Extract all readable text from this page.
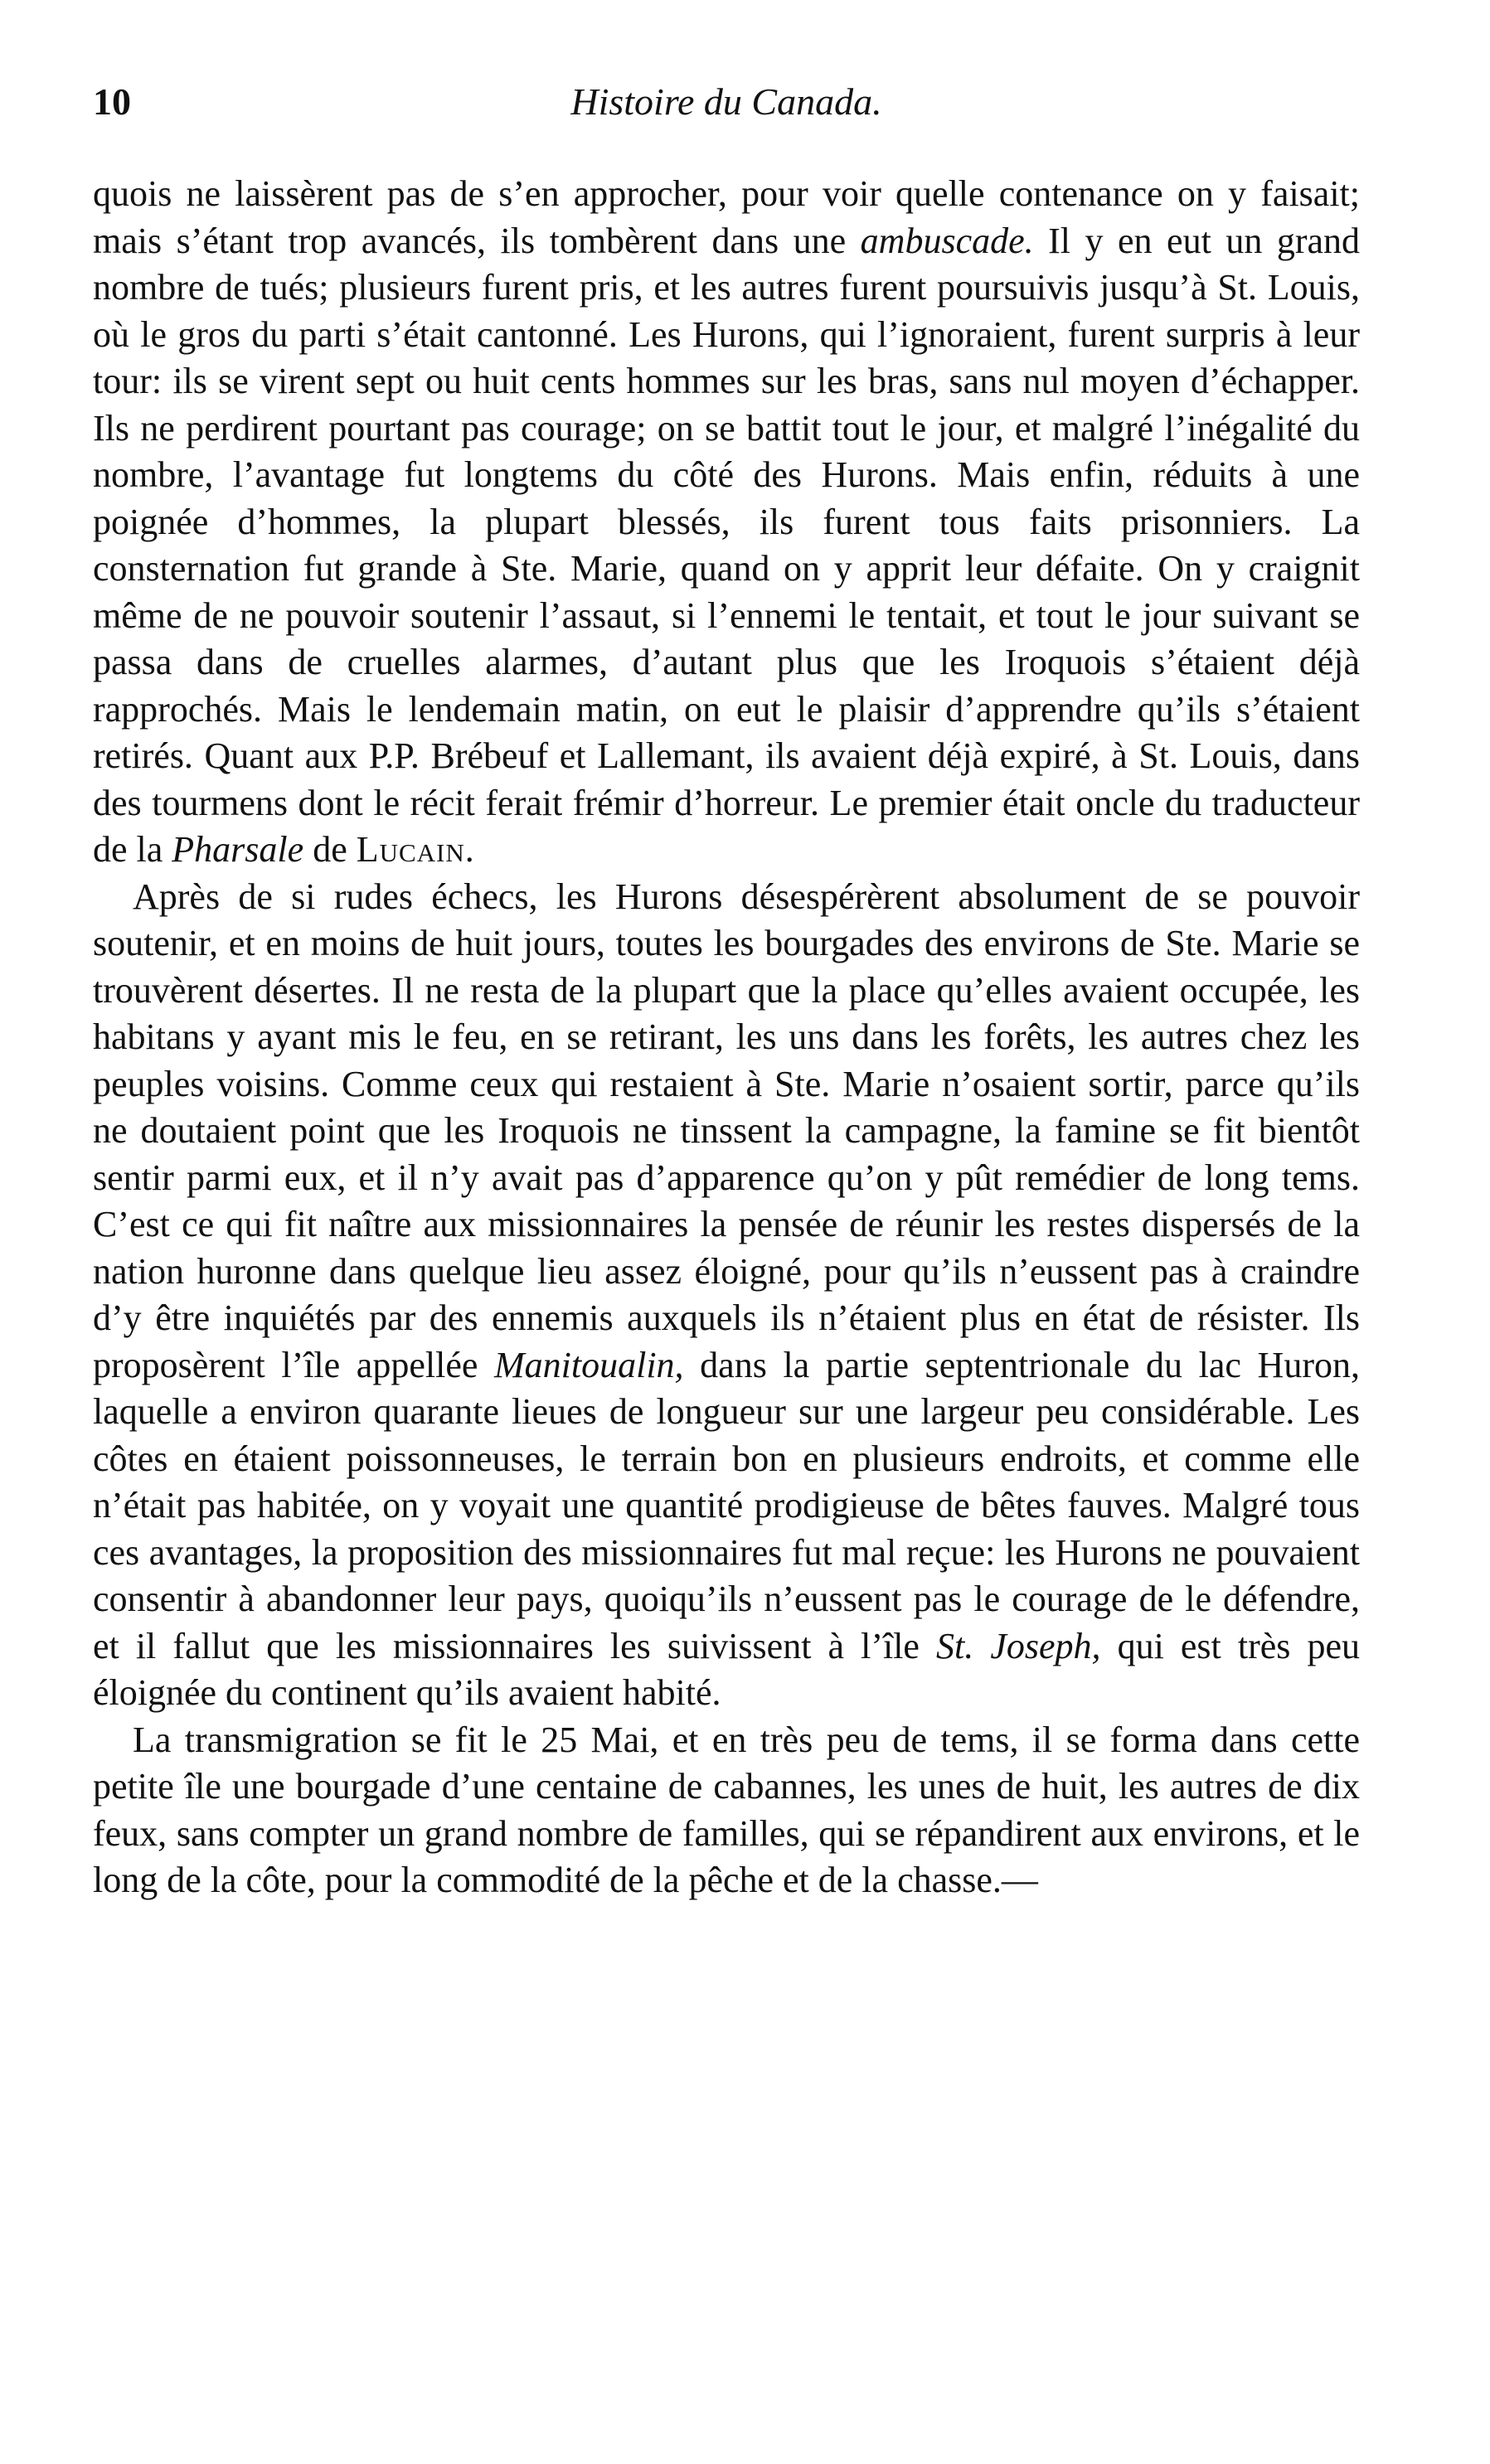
10	Histoire du Canada.

quois ne laissèrent pas de s’en approcher, pour voir quelle contenance on y faisait; mais s’étant trop avancés, ils tombèrent dans une ambuscade. Il y en eut un grand nombre de tués; plusieurs furent pris, et les autres furent poursuivis jusqu’à St. Louis, où le gros du parti s’était cantonné. Les Hurons, qui l’ignoraient, furent surpris à leur tour: ils se virent sept ou huit cents hommes sur les bras, sans nul moyen d’échapper. Ils ne perdirent pourtant pas courage; on se battit tout le jour, et malgré l’inégalité du nombre, l’avantage fut longtems du côté des Hurons. Mais enfin, réduits à une poignée d’hommes, la plupart blessés, ils furent tous faits prisonniers. La consternation fut grande à Ste. Marie, quand on y apprit leur défaite. On y craignit même de ne pouvoir soutenir l’assaut, si l’ennemi le tentait, et tout le jour suivant se passa dans de cruelles alarmes, d’autant plus que les Iroquois s’étaient déjà rapprochés. Mais le lendemain matin, on eut le plaisir d’apprendre qu’ils s’étaient retirés. Quant aux P.P. Brébeuf et Lallemant, ils avaient déjà expiré, à St. Louis, dans des tourmens dont le récit ferait frémir d’horreur. Le premier était oncle du traducteur de la Pharsale de Lucain.

Après de si rudes échecs, les Hurons désespérèrent absolument de se pouvoir soutenir, et en moins de huit jours, toutes les bourgades des environs de Ste. Marie se trouvèrent désertes. Il ne resta de la plupart que la place qu’elles avaient occupée, les habitans y ayant mis le feu, en se retirant, les uns dans les forêts, les autres chez les peuples voisins. Comme ceux qui restaient à Ste. Marie n’osaient sortir, parce qu’ils ne doutaient point que les Iroquois ne tinssent la campagne, la famine se fit bientôt sentir parmi eux, et il n’y avait pas d’apparence qu’on y pût remédier de long tems. C’est ce qui fit naître aux missionnaires la pensée de réunir les restes dispersés de la nation huronne dans quelque lieu assez éloigné, pour qu’ils n’eussent pas à craindre d’y être inquiétés par des ennemis auxquels ils n’étaient plus en état de résister. Ils proposèrent l’île appellée Manitoualin, dans la partie septentrionale du lac Huron, laquelle a environ quarante lieues de longueur sur une largeur peu considérable. Les côtes en étaient poissonneuses, le terrain bon en plusieurs endroits, et comme elle n’était pas habitée, on y voyait une quantité prodigieuse de bêtes fauves. Malgré tous ces avantages, la proposition des missionnaires fut mal reçue: les Hurons ne pouvaient consentir à abandonner leur pays, quoiqu’ils n’eussent pas le courage de le défendre, et il fallut que les missionnaires les suivissent à l’île St. Joseph, qui est très peu éloignée du continent qu’ils avaient habité.

La transmigration se fit le 25 Mai, et en très peu de tems, il se forma dans cette petite île une bourgade d’une centaine de cabannes, les unes de huit, les autres de dix feux, sans compter un grand nombre de familles, qui se répandirent aux environs, et le long de la côte, pour la commodité de la pêche et de la chasse.—
